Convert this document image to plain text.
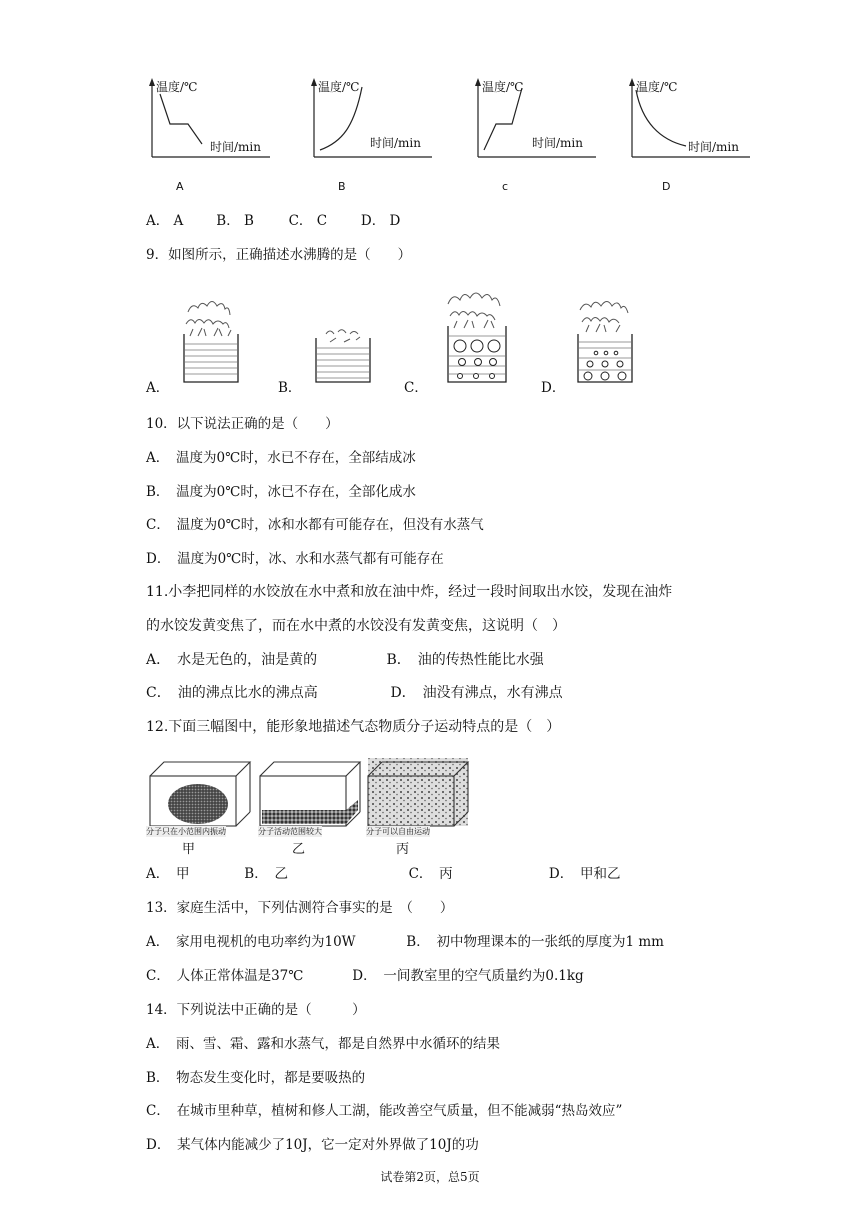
温度/℃
时间/min
温度/℃
时间/min
温度/℃
时间/min
温度/℃
时间/min
A	B	c	D
A． A B． B	C． C	D． D
9．如图所示，正确描述水沸腾的是（　　）
A．	B．	C．	D．
10．以下说法正确的是（　　）
A．　温度为0℃时，水已不存在，全部结成冰
B．　温度为0℃时，冰已不存在，全部化成水
C．　温度为0℃时，冰和水都有可能存在，但没有水蒸气
D．　温度为0℃时，冰、水和水蒸气都有可能存在
11.小李把同样的水饺放在水中煮和放在油中炸，经过一段时间取出水饺，发现在油炸
的水饺发黄变焦了，而在水中煮的水饺没有发黄变焦，这说明（　）
A．　水是无色的，油是黄的	B．　油的传热性能比水强
C．　油的沸点比水的沸点高	D．　油没有沸点，水有沸点
12.下面三幅图中，能形象地描述气态物质分子运动特点的是（　）
分子只在小范围内振动
甲
分子活动范围较大
乙
分子可以自由运动
丙
A．　甲	B．　乙	C．　丙	D．　甲和乙
13．家庭生活中，下列估测符合事实的是　（　　）
A．　家用电视机的电功率约为10W	B．　初中物理课本的一张纸的厚度为1 mm
C．　人体正常体温是37℃	D．　一间教室里的空气质量约为0.1kg
14．下列说法中正确的是（　　　）
A．　雨、雪、霜、露和水蒸气，都是自然界中水循环的结果
B．　物态发生变化时，都是要吸热的
C．　在城市里种草，植树和修人工湖，能改善空气质量，但不能减弱“热岛效应”
D．　某气体内能减少了10J，它一定对外界做了10J的功
试卷第2页，总5页
